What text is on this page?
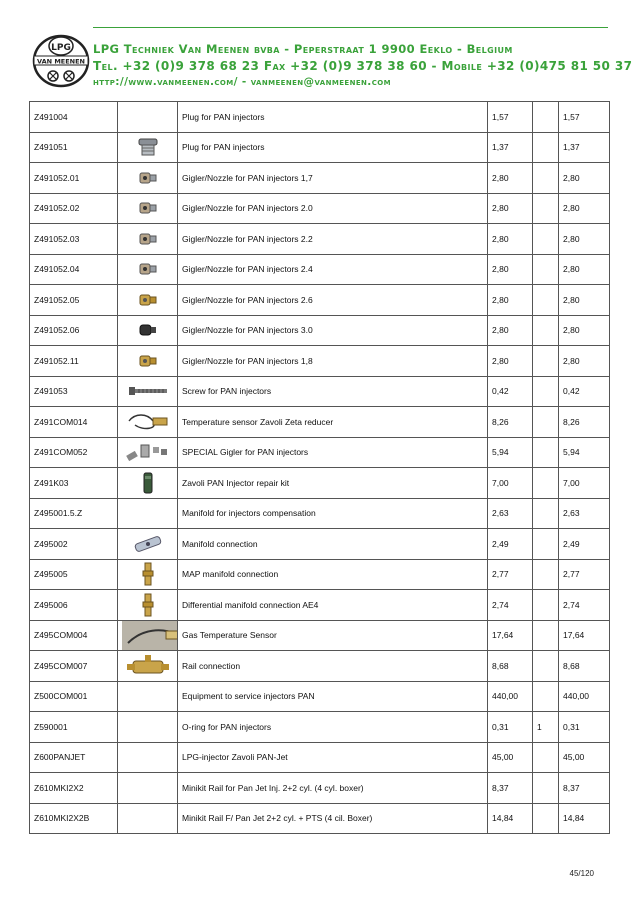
LPG
VAN MEENEN
LPG Techniek Van Meenen bvba - Peperstraat 1 9900 Eeklo - Belgium
Tel. +32 (0)9 378 68 23 Fax +32 (0)9 378 38 60 - Mobile +32 (0)475 81 50 37
http://www.vanmeenen.com/ - vanmeenen@vanmeenen.com
Z491004		Plug for PAN injectors	1,57		1,57
Z491051		Plug for PAN injectors	1,37		1,37
Z491052.01		Gigler/Nozzle for PAN injectors 1,7	2,80		2,80
Z491052.02		Gigler/Nozzle for PAN injectors 2.0	2,80		2,80
Z491052.03		Gigler/Nozzle for PAN injectors 2.2	2,80		2,80
Z491052.04		Gigler/Nozzle for PAN injectors 2.4	2,80		2,80
Z491052.05		Gigler/Nozzle for PAN injectors 2.6	2,80		2,80
Z491052.06		Gigler/Nozzle for PAN injectors 3.0	2,80		2,80
Z491052.11		Gigler/Nozzle for PAN injectors 1,8	2,80		2,80
Z491053		Screw for PAN injectors	0,42		0,42
Z491COM014		Temperature sensor Zavoli Zeta reducer	8,26		8,26
Z491COM052		SPECIAL Gigler for PAN injectors	5,94		5,94
Z491K03		Zavoli PAN Injector repair kit	7,00		7,00
Z495001.5.Z		Manifold for injectors compensation	2,63		2,63
Z495002		Manifold connection	2,49		2,49
Z495005		MAP manifold connection	2,77		2,77
Z495006		Differential manifold connection AE4	2,74		2,74
Z495COM004		Gas Temperature Sensor	17,64		17,64
Z495COM007		Rail connection	8,68		8,68
Z500COM001		Equipment to service injectors PAN	440,00		440,00
Z590001		O-ring for PAN injectors	0,31	1	0,31
Z600PANJET		LPG-injector Zavoli PAN-Jet	45,00		45,00
Z610MKI2X2		Minikit Rail for Pan Jet Inj. 2+2 cyl. (4 cyl. boxer)	8,37		8,37
Z610MKI2X2B		Minikit Rail F/ Pan Jet 2+2 cyl. + PTS (4 cil. Boxer)	14,84		14,84
45/120
